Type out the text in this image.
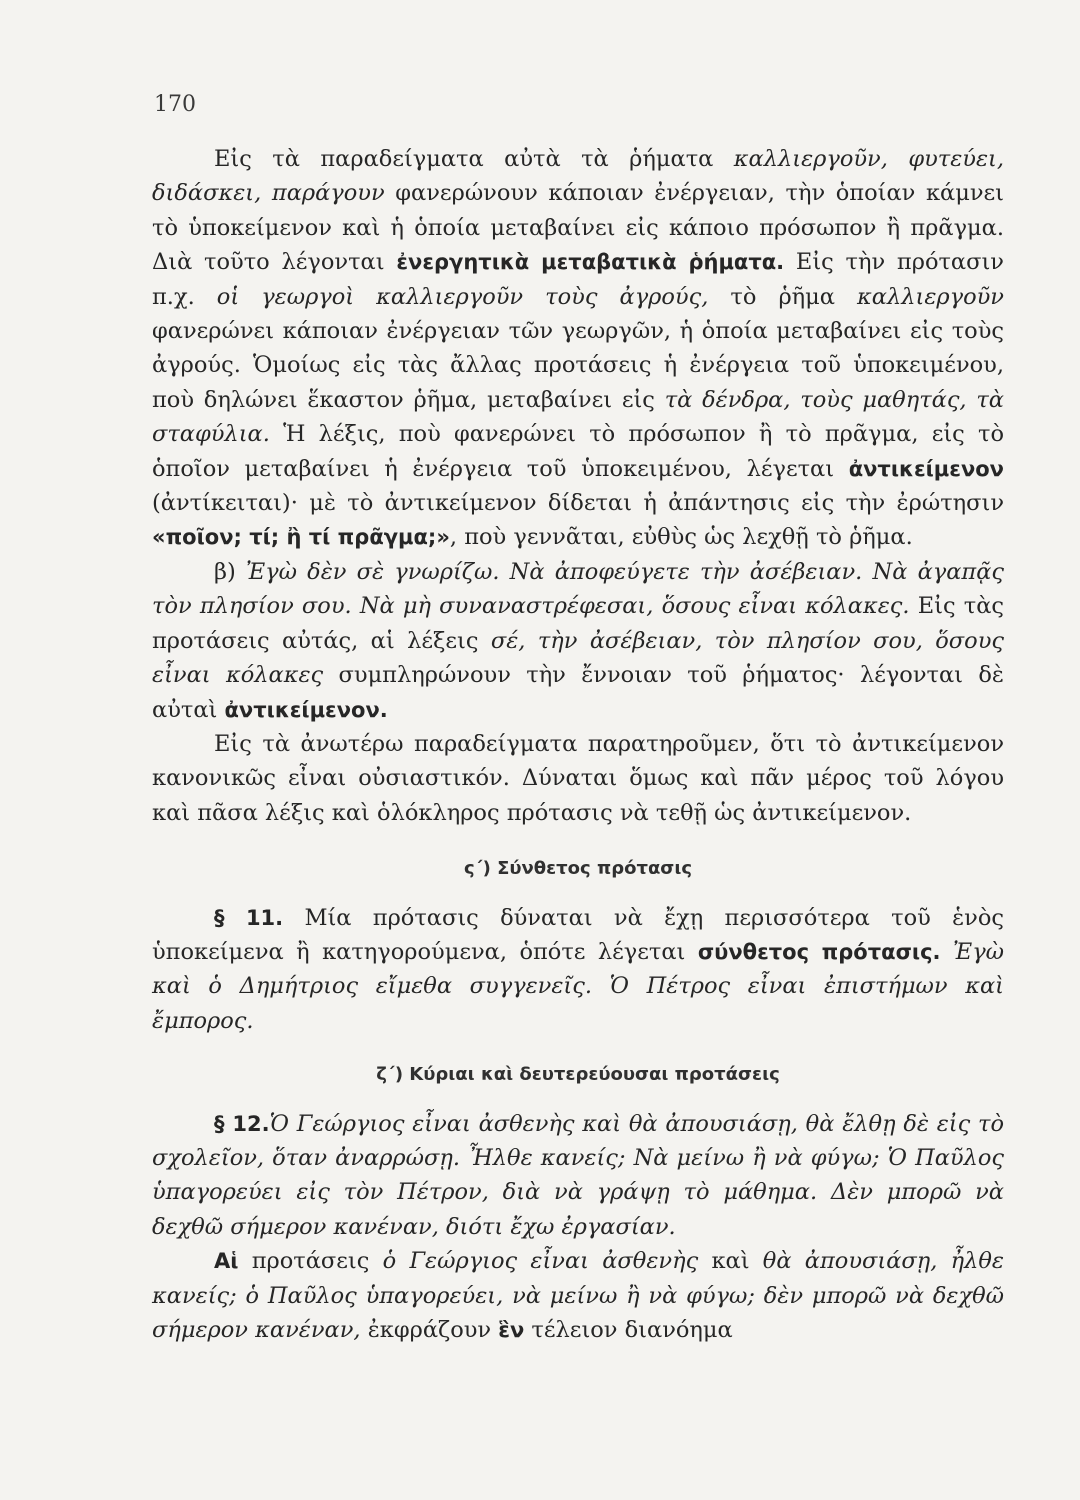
170

Εἰς τὰ παραδείγματα αὐτὰ τὰ ῥήματα καλλιεργοῦν, φυτεύει, διδάσκει, παράγουν φανερώνουν κάποιαν ἐνέργειαν, τὴν ὁποίαν κάμνει τὸ ὑποκείμενον καὶ ἡ ὁποία μεταβαίνει εἰς κάποιο πρόσωπον ἢ πρᾶγμα. Διὰ τοῦτο λέγονται ἐνεργητικὰ μεταβατικὰ ῥήματα. Εἰς τὴν πρότασιν π.χ. οἱ γεωργοὶ καλλιεργοῦν τοὺς ἀγρούς, τὸ ῥῆμα καλλιεργοῦν φανερώνει κάποιαν ἐνέργειαν τῶν γεωργῶν, ἡ ὁποία μεταβαίνει εἰς τοὺς ἀγρούς. Ὁμοίως εἰς τὰς ἄλλας προτάσεις ἡ ἐνέργεια τοῦ ὑποκειμένου, ποὺ δηλώνει ἕκαστον ῥῆμα, μεταβαίνει εἰς τὰ δένδρα, τοὺς μαθητάς, τὰ σταφύλια. Ἡ λέξις, ποὺ φανερώνει τὸ πρόσωπον ἢ τὸ πρᾶγμα, εἰς τὸ ὁποῖον μεταβαίνει ἡ ἐνέργεια τοῦ ὑποκειμένου, λέγεται ἀντικείμενον (ἀντίκειται)· μὲ τὸ ἀντικείμενον δίδεται ἡ ἀπάντησις εἰς τὴν ἐρώτησιν «ποῖον; τί; ἢ τί πρᾶγμα;», ποὺ γεννᾶται, εὐθὺς ὡς λεχθῇ τὸ ῥῆμα.

β) Ἐγὼ δὲν σὲ γνωρίζω. Νὰ ἀποφεύγετε τὴν ἀσέβειαν. Νὰ ἀγαπᾷς τὸν πλησίον σου. Νὰ μὴ συναναστρέφεσαι, ὅσους εἶναι κόλακες. Εἰς τὰς προτάσεις αὐτάς, αἱ λέξεις σέ, τὴν ἀσέβειαν, τὸν πλησίον σου, ὅσους εἶναι κόλακες συμπληρώνουν τὴν ἔννοιαν τοῦ ῥήματος· λέγονται δὲ αὐταὶ ἀντικείμενον.

Εἰς τὰ ἀνωτέρω παραδείγματα παρατηροῦμεν, ὅτι τὸ ἀντικείμενον κανονικῶς εἶναι οὐσιαστικόν. Δύναται ὅμως καὶ πᾶν μέρος τοῦ λόγου καὶ πᾶσα λέξις καὶ ὁλόκληρος πρότασις νὰ τεθῇ ὡς ἀντικείμενον.

ς΄) Σύνθετος πρότασις

§ 11. Μία πρότασις δύναται νὰ ἔχῃ περισσότερα τοῦ ἑνὸς ὑποκείμενα ἢ κατηγορούμενα, ὁπότε λέγεται σύνθετος πρότασις. Ἐγὼ καὶ ὁ Δημήτριος εἴμεθα συγγενεῖς. Ὁ Πέτρος εἶναι ἐπιστήμων καὶ ἔμπορος.

ζ΄) Κύριαι καὶ δευτερεύουσαι προτάσεις

§ 12.Ὁ Γεώργιος εἶναι ἀσθενὴς καὶ θὰ ἀπουσιάσῃ, θὰ ἔλθῃ δὲ εἰς τὸ σχολεῖον, ὅταν ἀναρρώσῃ. Ἦλθε κανείς; Νὰ μείνω ἢ νὰ φύγω; Ὁ Παῦλος ὑπαγορεύει εἰς τὸν Πέτρον, διὰ νὰ γράψῃ τὸ μάθημα. Δὲν μπορῶ νὰ δεχθῶ σήμερον κανέναν, διότι ἔχω ἐργασίαν.

Αἱ προτάσεις ὁ Γεώργιος εἶναι ἀσθενὴς καὶ θὰ ἀπουσιάσῃ, ἦλθε κανείς; ὁ Παῦλος ὑπαγορεύει, νὰ μείνω ἢ νὰ φύγω; δὲν μπορῶ νὰ δεχθῶ σήμερον κανέναν, ἐκφράζουν ἓν τέλειον διανόημα
